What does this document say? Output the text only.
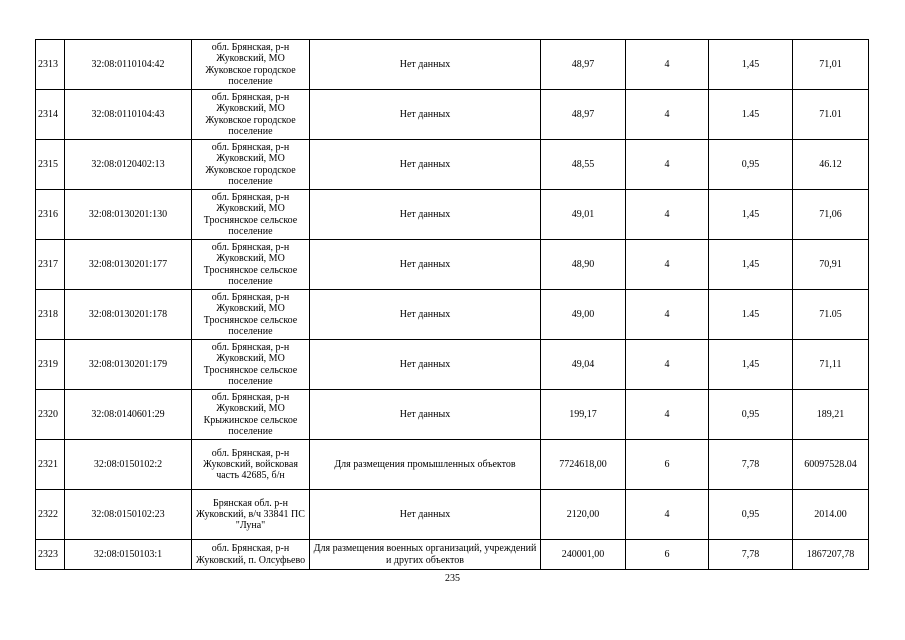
2313	32:08:0110104:42	обл. Брянская, р-н Жуковский, МО Жуковское городское поселение	Нет данных	48,97	4	1,45	71,01
2314	32:08:0110104:43	обл. Брянская, р-н Жуковский, МО Жуковское городское поселение	Нет данных	48,97	4	1.45	71.01
2315	32:08:0120402:13	обл. Брянская, р-н Жуковский, МО Жуковское городское поселение	Нет данных	48,55	4	0,95	46.12
2316	32:08:0130201:130	обл. Брянская, р-н Жуковский, МО Троснянское сельское поселение	Нет данных	49,01	4	1,45	71,06
2317	32:08:0130201:177	обл. Брянская, р-н Жуковский, МО Троснянское сельское поселение	Нет данных	48,90	4	1,45	70,91
2318	32:08:0130201:178	обл. Брянская, р-н Жуковский, МО Троснянское сельское поселение	Нет данных	49,00	4	1.45	71.05
2319	32:08:0130201:179	обл. Брянская, р-н Жуковский, МО Троснянское сельское поселение	Нет данных	49,04	4	1,45	71,11
2320	32:08:0140601:29	обл. Брянская, р-н Жуковский, МО Крыжинское сельское поселение	Нет данных	199,17	4	0,95	189,21
2321	32:08:0150102:2	обл. Брянская, р-н Жуковский, войсковая часть 42685, б/н	Для размещения промышленных объектов	7724618,00	6	7,78	60097528.04
2322	32:08:0150102:23	Брянская обл. р-н Жуковский, в/ч 33841 ПС "Луна"	Нет данных	2120,00	4	0,95	2014.00
2323	32:08:0150103:1	обл. Брянская, р-н Жуковский, п. Олсуфьево	Для размещения военных организаций, учреждений и других объектов	240001,00	6	7,78	1867207,78
235
